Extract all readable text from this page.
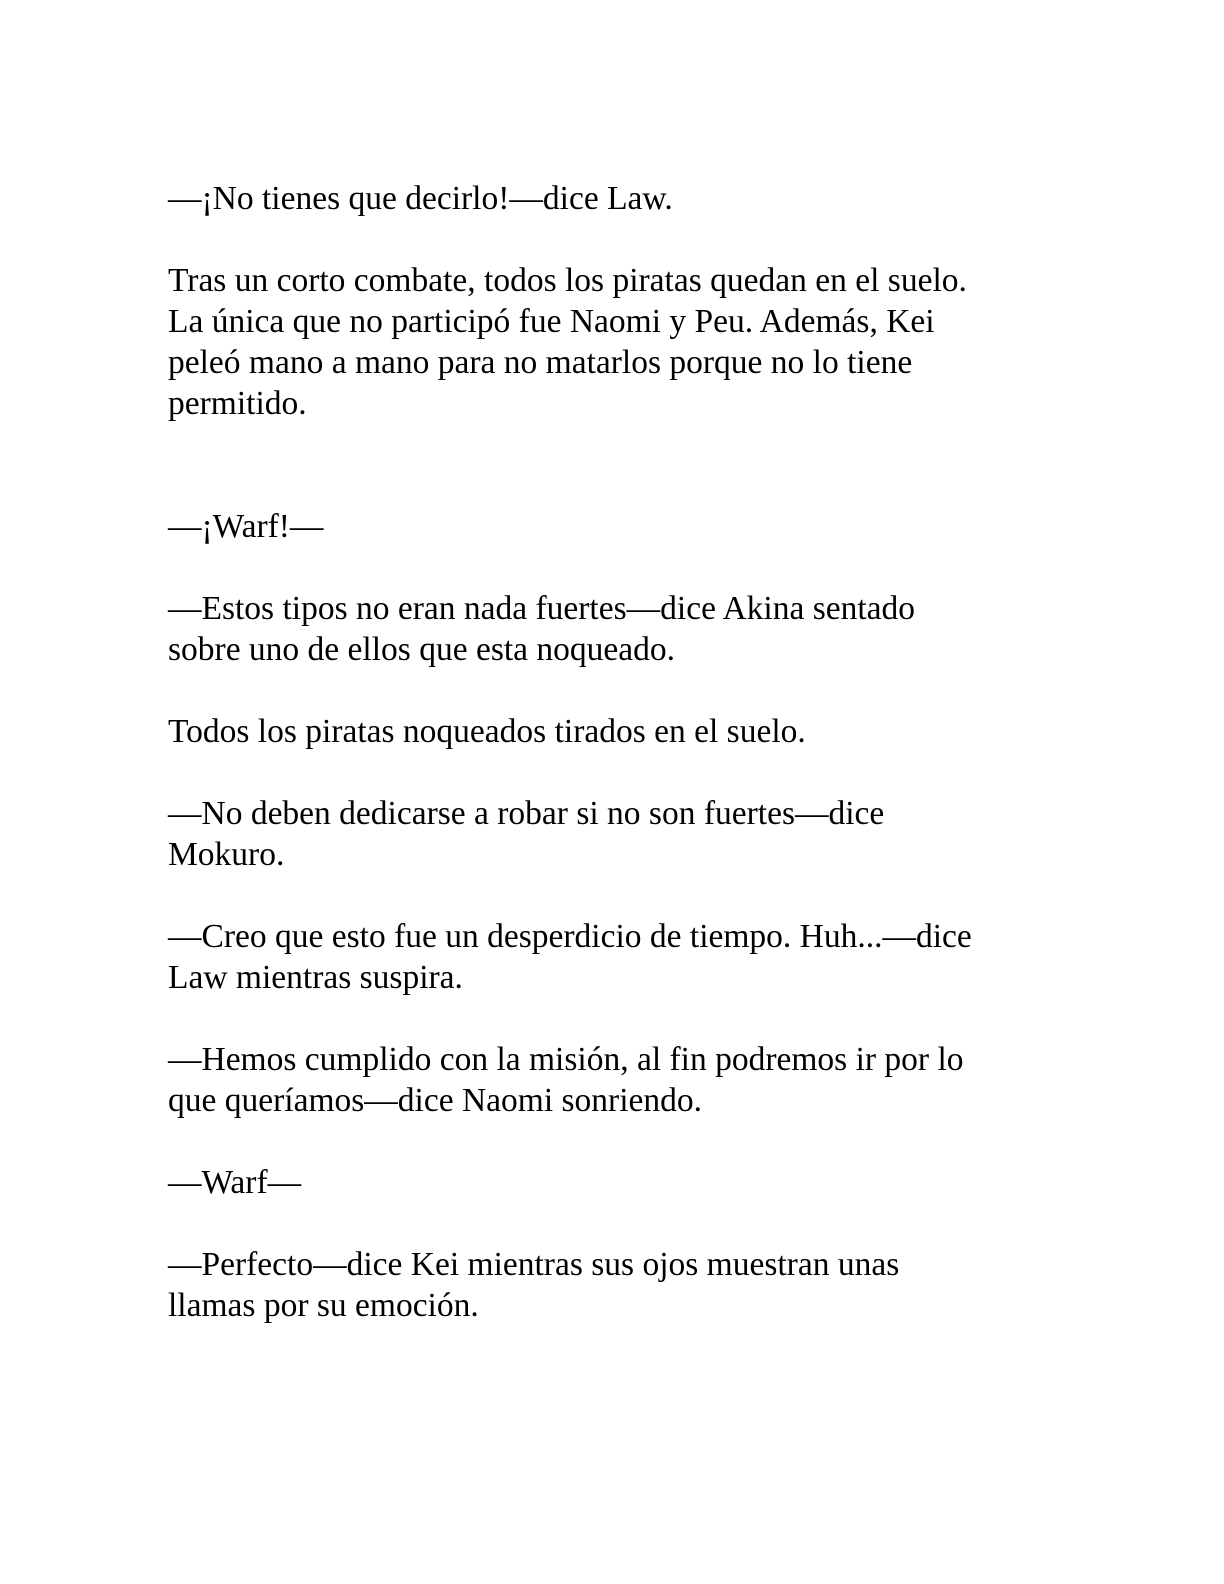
—¡No tienes que decirlo!—dice Law.

Tras un corto combate, todos los piratas quedan en el suelo.
La única que no participó fue Naomi y Peu. Además, Kei
peleó mano a mano para no matarlos porque no lo tiene
permitido.

—¡Warf!—

—Estos tipos no eran nada fuertes—dice Akina sentado
sobre uno de ellos que esta noqueado.

Todos los piratas noqueados tirados en el suelo.

—No deben dedicarse a robar si no son fuertes—dice
Mokuro.

—Creo que esto fue un desperdicio de tiempo. Huh...—dice
Law mientras suspira.

—Hemos cumplido con la misión, al fin podremos ir por lo
que queríamos—dice Naomi sonriendo.

—Warf—

—Perfecto—dice Kei mientras sus ojos muestran unas
llamas por su emoción.
